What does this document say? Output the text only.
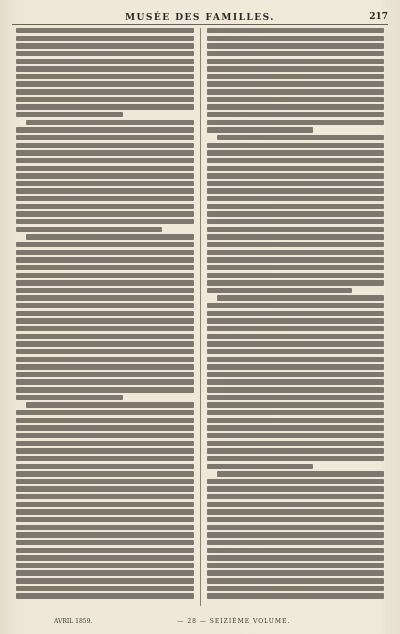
MUSÉE DES FAMILLES.	217
AVRIL 1859.	— 28 — SEIZIÈME VOLUME.
